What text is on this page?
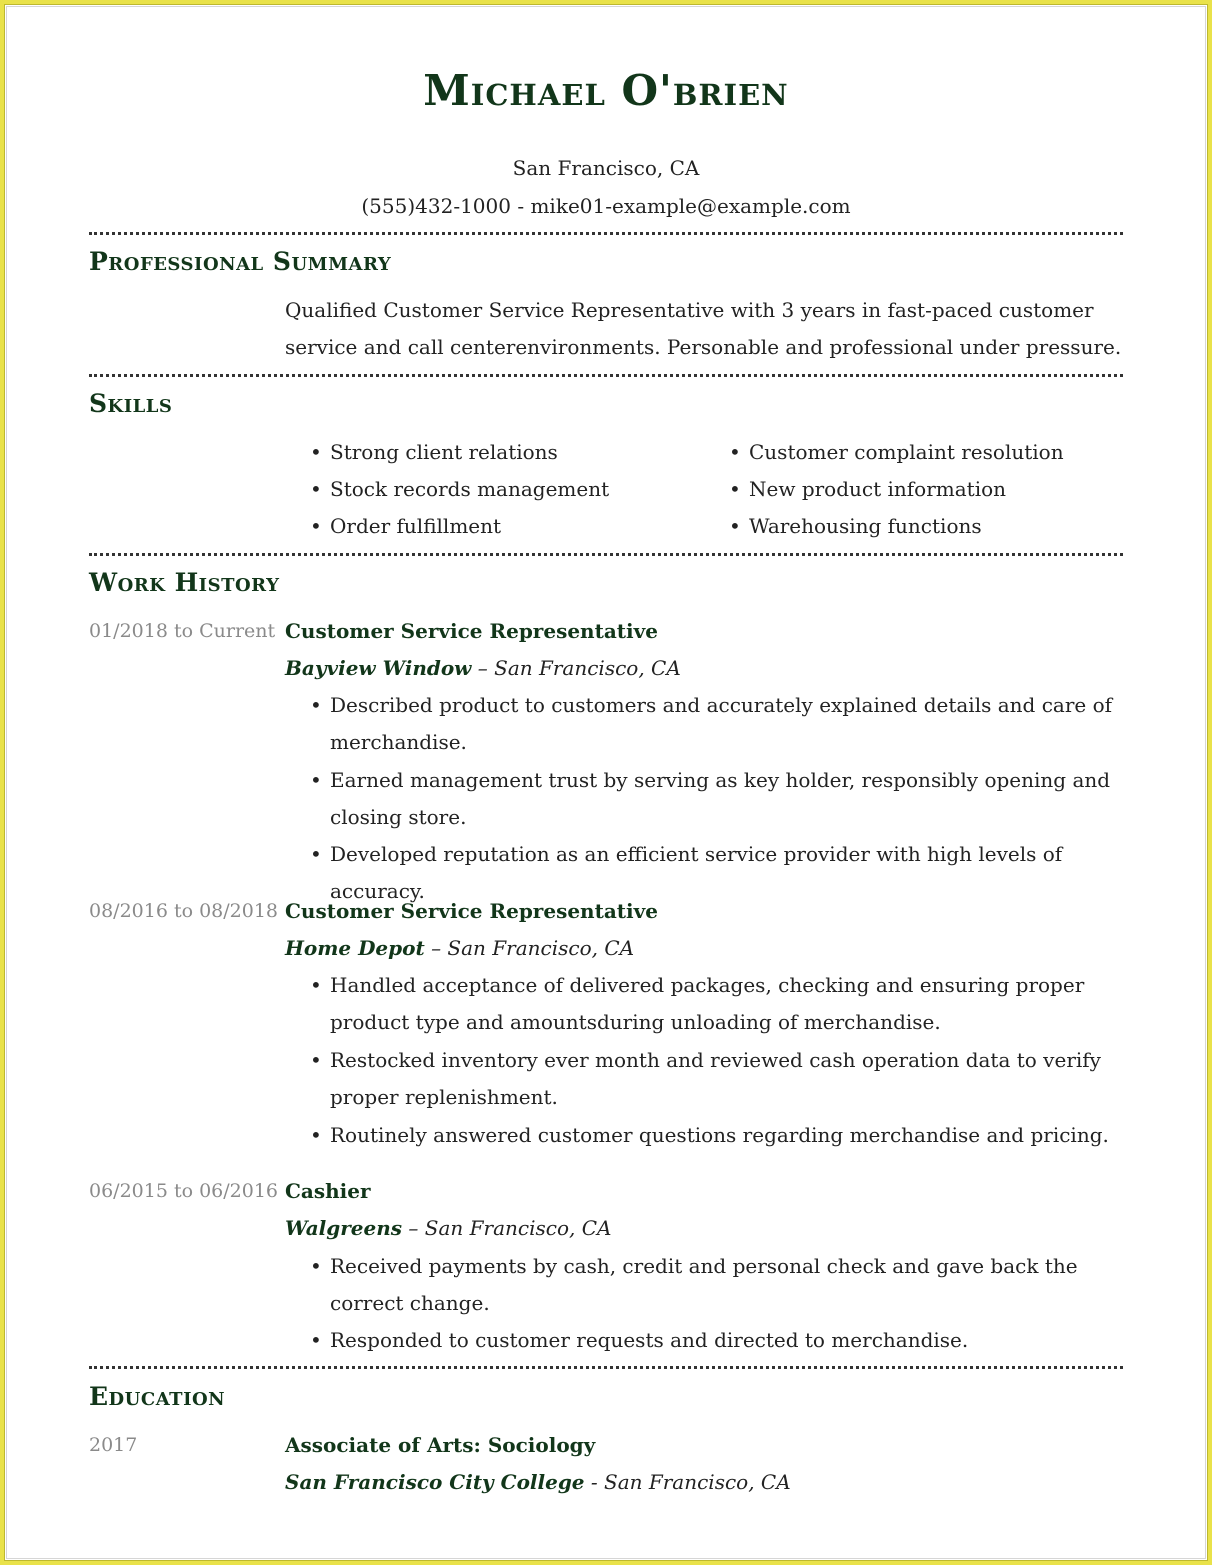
Michael O'brien
San Francisco, CA
(555)432-1000 - mike01-example@example.com
Professional Summary
Qualified Customer Service Representative with 3 years in fast-paced customer service and call centerenvironments. Personable and professional under pressure.
Skills
• Strong client relations
• Stock records management
• Order fulfillment
• Customer complaint resolution
• New product information
• Warehousing functions
Work History
01/2018 to Current Customer Service Representative
Bayview Window – San Francisco, CA
• Described product to customers and accurately explained details and care of merchandise.
• Earned management trust by serving as key holder, responsibly opening and closing store.
• Developed reputation as an efficient service provider with high levels of accuracy.
08/2016 to 08/2018 Customer Service Representative
Home Depot – San Francisco, CA
• Handled acceptance of delivered packages, checking and ensuring proper product type and amountsduring unloading of merchandise.
• Restocked inventory ever month and reviewed cash operation data to verify proper replenishment.
• Routinely answered customer questions regarding merchandise and pricing.
06/2015 to 06/2016 Cashier
Walgreens – San Francisco, CA
• Received payments by cash, credit and personal check and gave back the correct change.
• Responded to customer requests and directed to merchandise.
Education
2017	Associate of Arts: Sociology
San Francisco City College - San Francisco, CA
